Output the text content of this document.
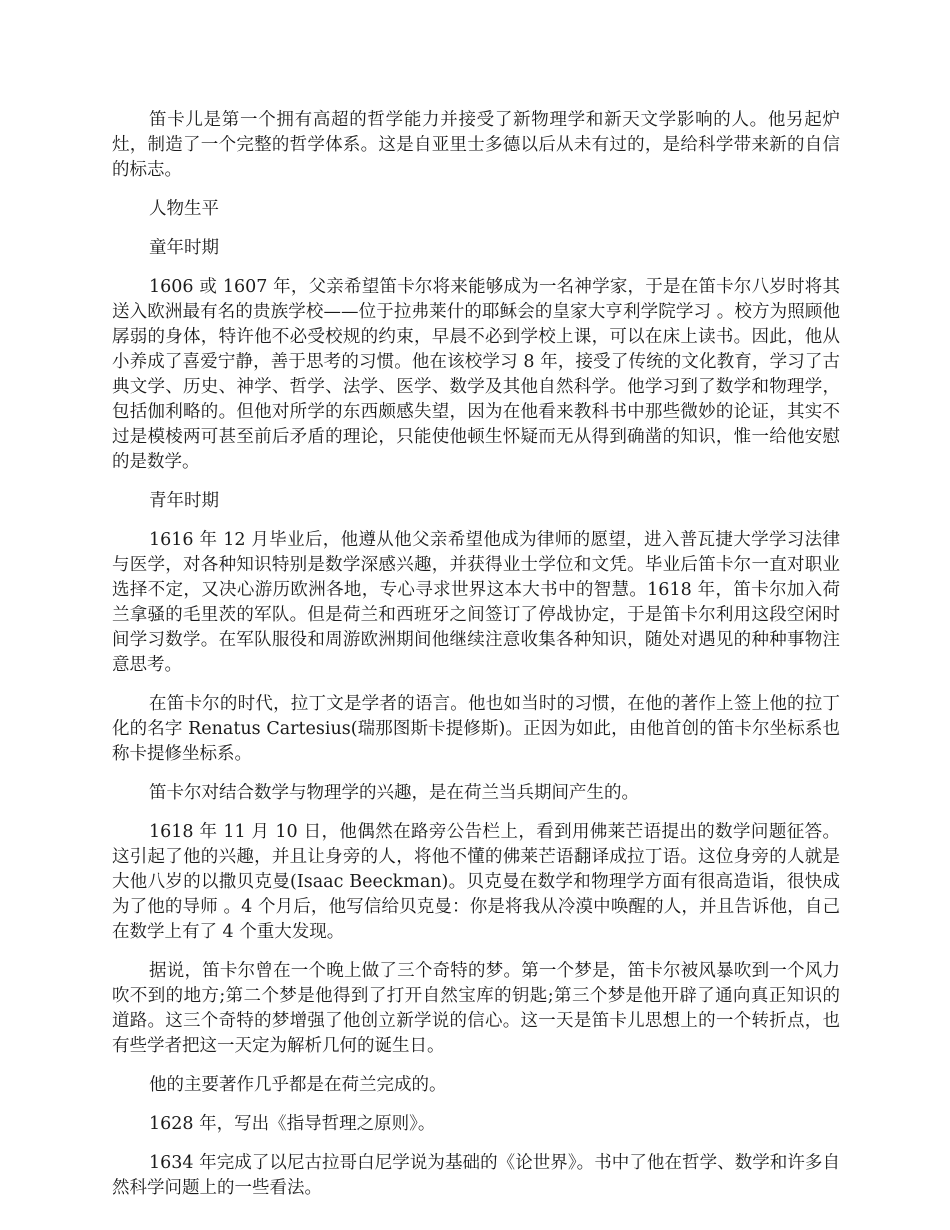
笛卡儿是第一个拥有高超的哲学能力并接受了新物理学和新天文学影响的人。他另起炉灶，制造了一个完整的哲学体系。这是自亚里士多德以后从未有过的，是给科学带来新的自信的标志。

人物生平

童年时期

1606 或 1607 年，父亲希望笛卡尔将来能够成为一名神学家，于是在笛卡尔八岁时将其送入欧洲最有名的贵族学校——位于拉弗莱什的耶稣会的皇家大亨利学院学习 。校方为照顾他孱弱的身体，特许他不必受校规的约束，早晨不必到学校上课，可以在床上读书。因此，他从小养成了喜爱宁静，善于思考的习惯。他在该校学习 8 年，接受了传统的文化教育，学习了古典文学、历史、神学、哲学、法学、医学、数学及其他自然科学。他学习到了数学和物理学，包括伽利略的。但他对所学的东西颇感失望，因为在他看来教科书中那些微妙的论证，其实不过是模棱两可甚至前后矛盾的理论，只能使他顿生怀疑而无从得到确凿的知识，惟一给他安慰的是数学。

青年时期

1616 年 12 月毕业后，他遵从他父亲希望他成为律师的愿望，进入普瓦捷大学学习法律与医学，对各种知识特别是数学深感兴趣，并获得业士学位和文凭。毕业后笛卡尔一直对职业选择不定，又决心游历欧洲各地，专心寻求世界这本大书中的智慧。1618 年，笛卡尔加入荷兰拿骚的毛里茨的军队。但是荷兰和西班牙之间签订了停战协定，于是笛卡尔利用这段空闲时间学习数学。在军队服役和周游欧洲期间他继续注意收集各种知识，随处对遇见的种种事物注意思考。

在笛卡尔的时代，拉丁文是学者的语言。他也如当时的习惯，在他的著作上签上他的拉丁化的名字 Renatus Cartesius(瑞那图斯卡提修斯)。正因为如此，由他首创的笛卡尔坐标系也称卡提修坐标系。

笛卡尔对结合数学与物理学的兴趣，是在荷兰当兵期间产生的。

1618 年 11 月 10 日，他偶然在路旁公告栏上，看到用佛莱芒语提出的数学问题征答。这引起了他的兴趣，并且让身旁的人，将他不懂的佛莱芒语翻译成拉丁语。这位身旁的人就是大他八岁的以撒贝克曼(Isaac Beeckman)。贝克曼在数学和物理学方面有很高造诣，很快成为了他的导师 。4 个月后，他写信给贝克曼：你是将我从冷漠中唤醒的人，并且告诉他，自己在数学上有了 4 个重大发现。

据说，笛卡尔曾在一个晚上做了三个奇特的梦。第一个梦是，笛卡尔被风暴吹到一个风力吹不到的地方;第二个梦是他得到了打开自然宝库的钥匙;第三个梦是他开辟了通向真正知识的道路。这三个奇特的梦增强了他创立新学说的信心。这一天是笛卡儿思想上的一个转折点，也有些学者把这一天定为解析几何的诞生日。

他的主要著作几乎都是在荷兰完成的。

1628 年，写出《指导哲理之原则》。

1634 年完成了以尼古拉哥白尼学说为基础的《论世界》。书中了他在哲学、数学和许多自然科学问题上的一些看法。
